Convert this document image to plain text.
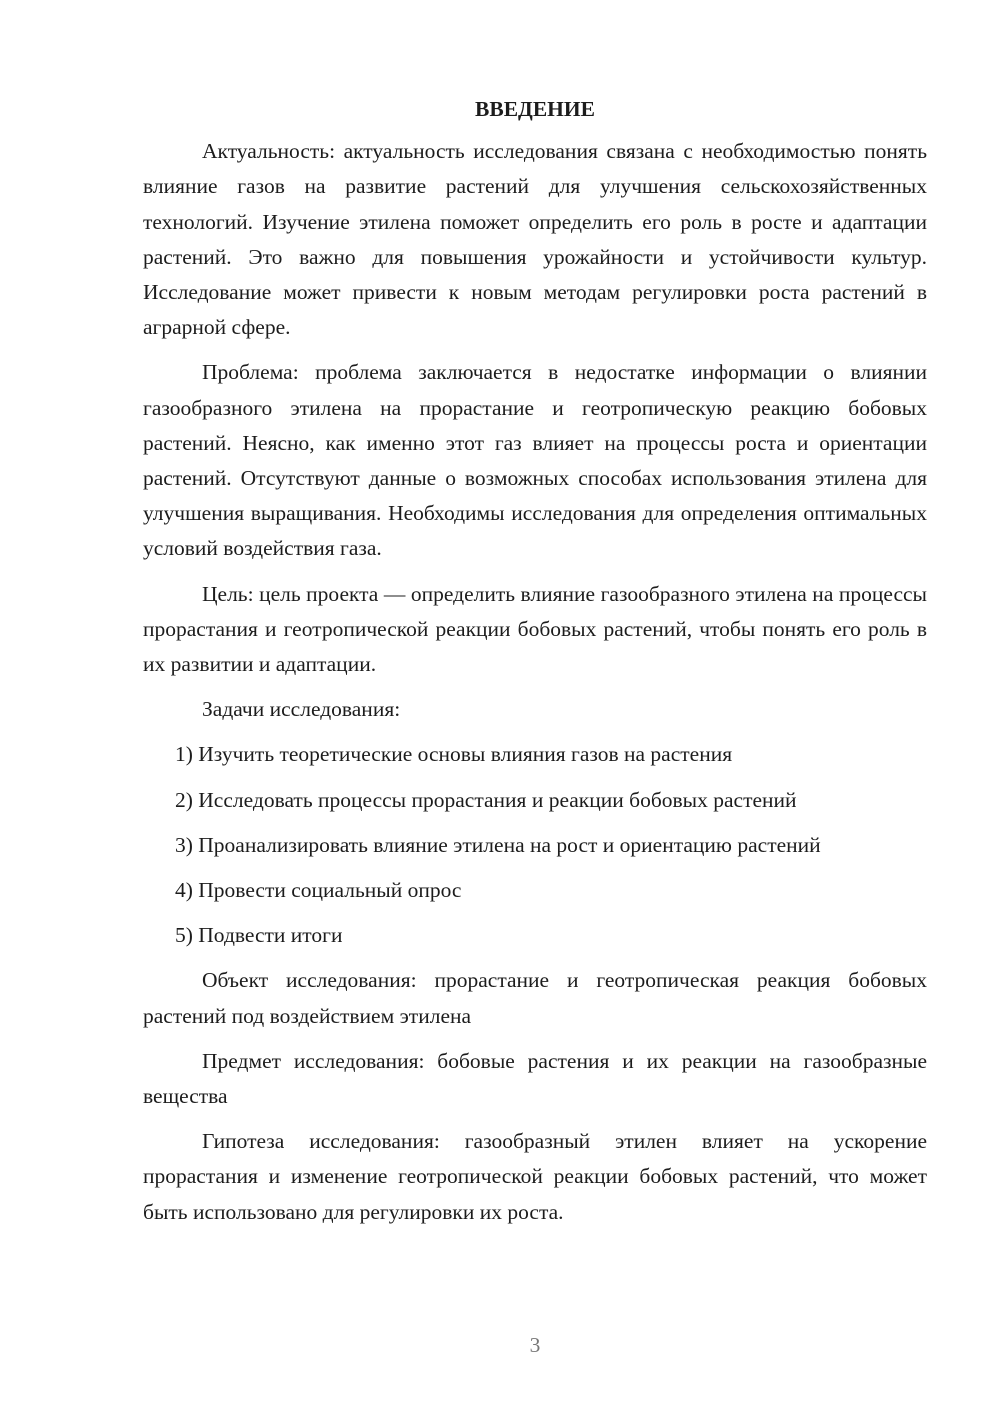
ВВЕДЕНИЕ

Актуальность: актуальность исследования связана с необходимостью понять влияние газов на развитие растений для улучшения сельскохозяйственных технологий. Изучение этилена поможет определить его роль в росте и адаптации растений. Это важно для повышения урожайности и устойчивости культур. Исследование может привести к новым методам регулировки роста растений в аграрной сфере.

Проблема: проблема заключается в недостатке информации о влиянии газообразного этилена на прорастание и геотропическую реакцию бобовых растений. Неясно, как именно этот газ влияет на процессы роста и ориентации растений. Отсутствуют данные о возможных способах использования этилена для улучшения выращивания. Необходимы исследования для определения оптимальных условий воздействия газа.

Цель: цель проекта — определить влияние газообразного этилена на процессы прорастания и геотропической реакции бобовых растений, чтобы понять его роль в их развитии и адаптации.

Задачи исследования:

1) Изучить теоретические основы влияния газов на растения

2) Исследовать процессы прорастания и реакции бобовых растений

3) Проанализировать влияние этилена на рост и ориентацию растений

4) Провести социальный опрос

5) Подвести итоги

Объект исследования: прорастание и геотропическая реакция бобовых растений под воздействием этилена

Предмет исследования: бобовые растения и их реакции на газообразные вещества

Гипотеза исследования: газообразный этилен влияет на ускорение прорастания и изменение геотропической реакции бобовых растений, что может быть использовано для регулировки их роста.

3
